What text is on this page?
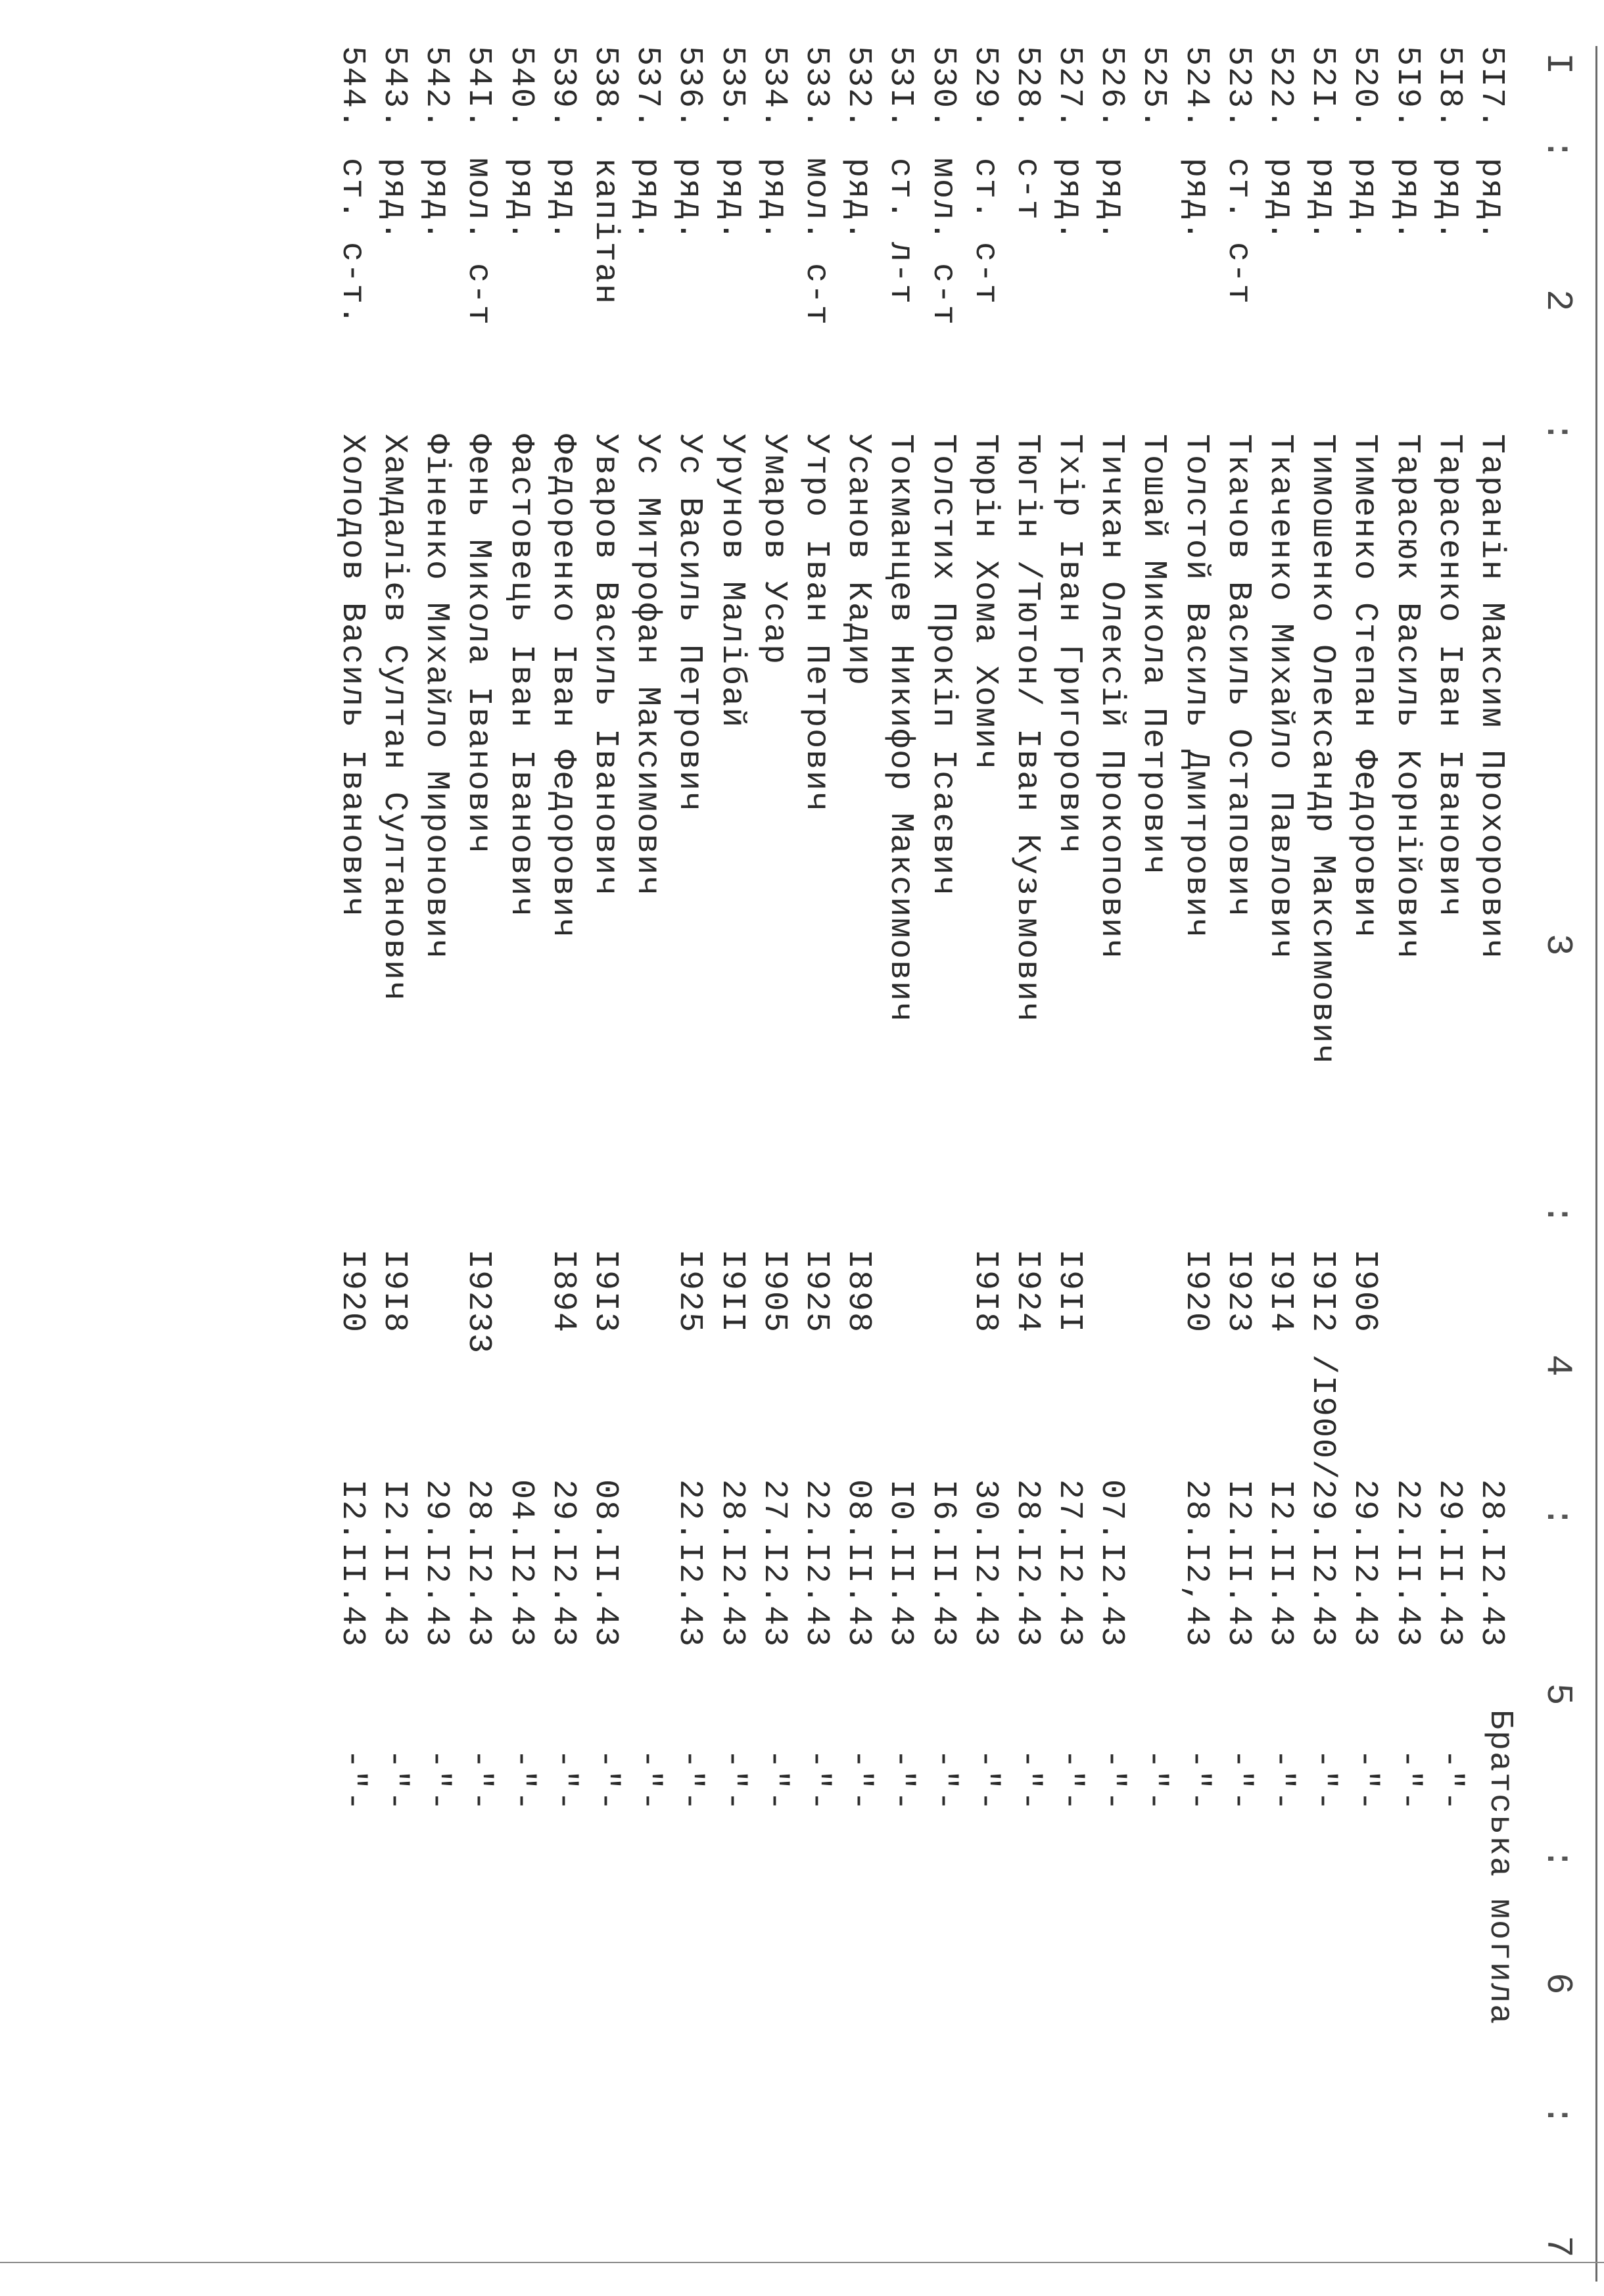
I
:
2
:
3
:
4
:
5
:
6
:
7
Братська могила
5I7.
ряд.
Таранін Максим Прохорович
28.I2.43
5I8.
ряд.
Тарасенко Іван Іванович
29.II.43
-"-
5I9.
ряд.
Тарасюк Василь Корнійович
22.II.43
-"-
520.
ряд.
Тименко Степан Федорович
I906
29.I2.43
-"-
52I.
ряд.
Тимошенко Олександр Максимович
I9I2 /I900/
29.I2.43
-"-
522.
ряд.
Ткаченко Михайло Павлович
I9I4
I2.II.43
-"-
523.
ст. с-т
Ткачов Василь Остапович
I923
I2.II.43
-"-
524.
ряд.
Толстой Василь Дмитрович
I920
28.I2,43
-"-
525.
Тошай Микола Петрович
-"-
526.
ряд.
Тичкан Олексій Прокопович
07.I2.43
-"-
527.
ряд.
Тхір Іван Григорович
I9II
27.I2.43
-"-
528.
с-т
Тюгін /Тютон/ Іван Кузьмович
I924
28.I2.43
-"-
529.
ст. с-т
Тюрін Хома Хомич
I9I8
30.I2.43
-"-
530.
мол. с-т
Толстих Прокіп Ісаєвич
I6.II.43
-"-
53I.
ст. л-т
Токманцев Никифор Максимович
I0.II.43
-"-
532.
ряд.
Усанов Кадир
I898
08.II.43
-"-
533.
мол. с-т
Утро Іван Петрович
I925
22.I2.43
-"-
534.
ряд.
Умаров Усар
I905
27.I2.43
-"-
535.
ряд.
Урунов Малібай
I9II
28.I2.43
-"-
536.
ряд.
Ус Василь Петрович
I925
22.I2.43
-"-
537.
ряд.
Ус Митрофан Максимович
-"-
538.
капітан
Уваров Василь Іванович
I9I3
08.II.43
-"-
539.
ряд.
Федоренко Іван Федорович
I894
29.I2.43
-"-
540.
ряд.
Фастовець Іван Іванович
04.I2.43
-"-
54I.
мол. с-т
Фень Микола Іванович
I9233
28.I2.43
-"-
542.
ряд.
Фіненко Михайло Миронович
29.I2.43
-"-
543.
ряд.
Хамдалієв Султан Султанович
I9I8
I2.II.43
-"-
544.
ст. с-т.
Холодов Василь Іванович
I920
I2.II.43
-"-
